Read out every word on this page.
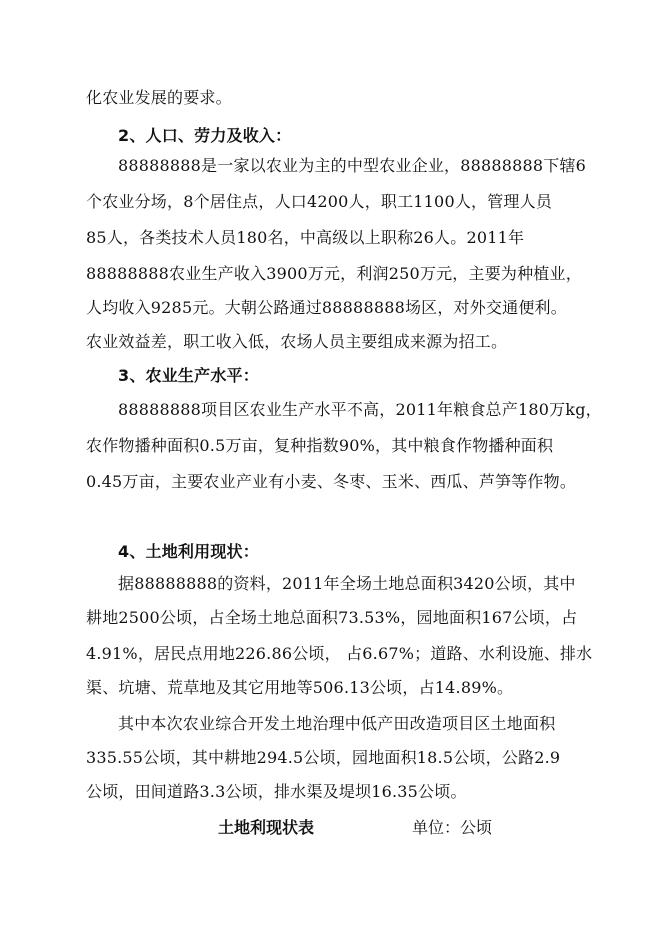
化农业发展的要求。
2、人口、劳力及收入：
88888888是一家以农业为主的中型农业企业，88888888下辖6
个农业分场，8个居住点，人口4200人，职工1100人，管理人员
85人，各类技术人员180名，中高级以上职称26人。2011年
88888888农业生产收入3900万元，利润250万元，主要为种植业，
人均收入9285元。大朝公路通过88888888场区，对外交通便利。
农业效益差，职工收入低，农场人员主要组成来源为招工。
3、农业生产水平：
88888888项目区农业生产水平不高，2011年粮食总产180万kg，
农作物播种面积0.5万亩，复种指数90%，其中粮食作物播种面积
0.45万亩，主要农业产业有小麦、冬枣、玉米、西瓜、芦笋等作物。
4、土地利用现状：
据88888888的资料，2011年全场土地总面积3420公顷，其中
耕地2500公顷，占全场土地总面积73.53%，园地面积167公顷，占
4.91%，居民点用地226.86公顷， 占6.67%；道路、水利设施、排水
渠、坑塘、荒草地及其它用地等506.13公顷，占14.89%。
其中本次农业综合开发土地治理中低产田改造项目区土地面积
335.55公顷，其中耕地294.5公顷，园地面积18.5公顷，公路2.9
公顷，田间道路3.3公顷，排水渠及堤坝16.35公顷。
土地利现状表	单位：公顷
